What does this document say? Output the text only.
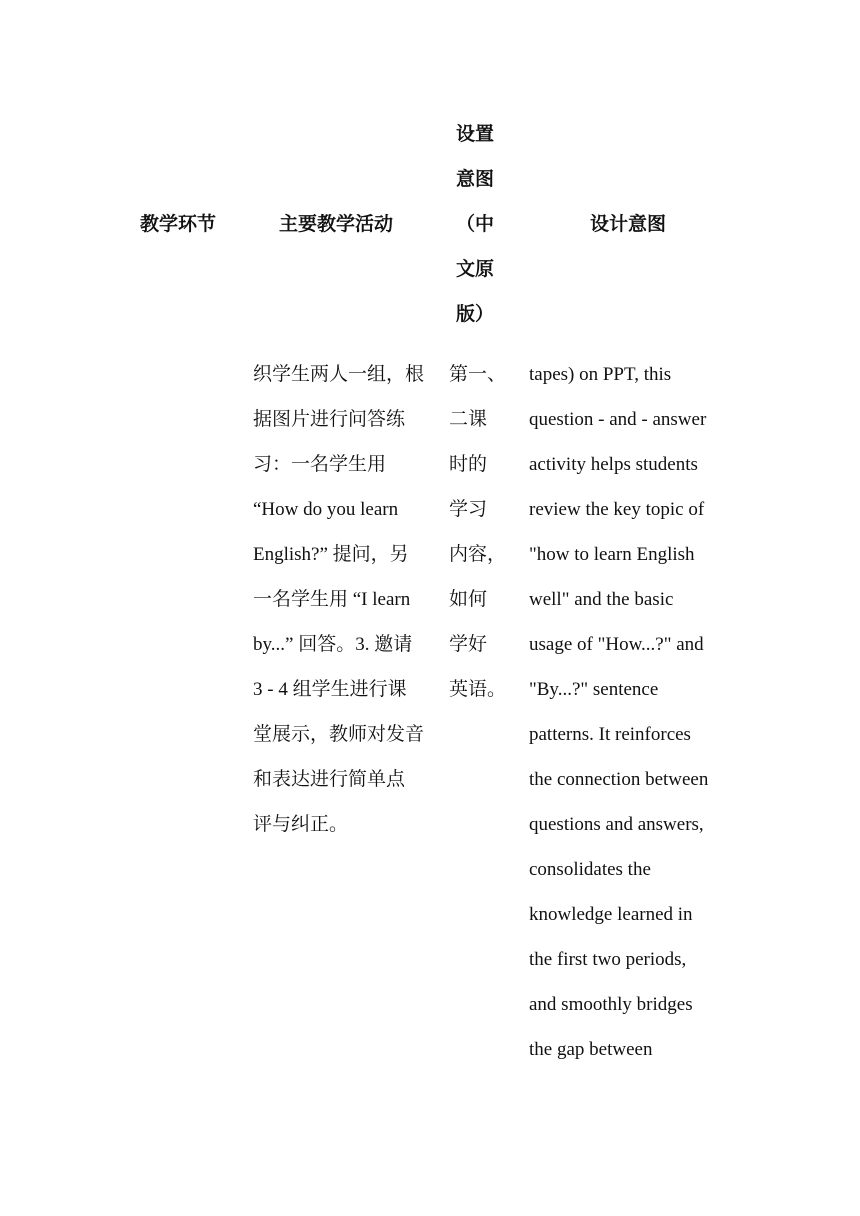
教学环节	主要教学活动
设置
意图
（中
文原
版）
设计意图
织学生两人一组，根
据图片进行问答练
习：一名学生用
“How do you learn
English?” 提问，另
一名学生用 “I learn
by...” 回答。3. 邀请
3 - 4 组学生进行课
堂展示，教师对发音
和表达进行简单点
评与纠正。
第一、
二课
时的
学习
内容，
如何
学好
英语。
tapes) on PPT, this
question - and - answer
activity helps students
review the key topic of
"how to learn English
well" and the basic
usage of "How...?" and
"By...?" sentence
patterns. It reinforces
the connection between
questions and answers,
consolidates the
knowledge learned in
the first two periods,
and smoothly bridges
the gap between
